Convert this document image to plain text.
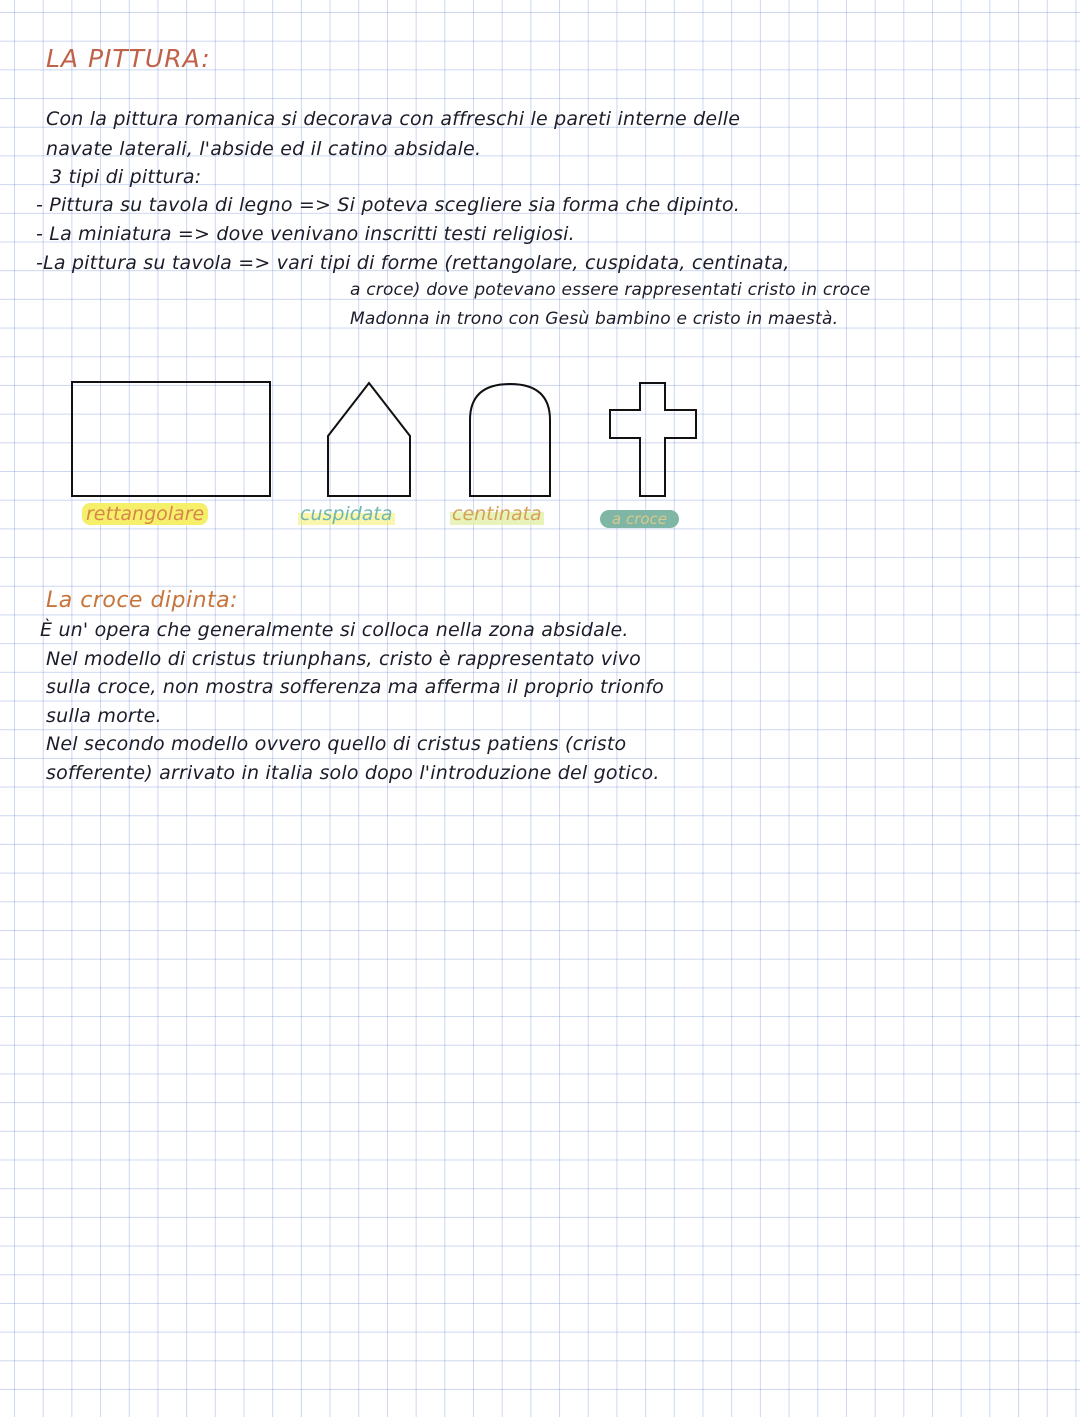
LA PITTURA:
Con la pittura romanica si decorava con affreschi le pareti interne delle
navate laterali, l'abside ed il catino absidale.
3 tipi di pittura:
- Pittura su tavola di legno => Si poteva scegliere sia forma che dipinto.
- La miniatura => dove venivano inscritti testi religiosi.
-La pittura su tavola => vari tipi di forme (rettangolare, cuspidata, centinata,
a croce) dove potevano essere rappresentati cristo in croce
Madonna in trono con Gesù bambino e cristo in maestà.
rettangolare	cuspidata	centinata	a croce
La croce dipinta:
È un' opera che generalmente si colloca nella zona absidale.
Nel modello di cristus triunphans, cristo è rappresentato vivo
sulla croce, non mostra sofferenza ma afferma il proprio trionfo
sulla morte.
Nel secondo modello ovvero quello di cristus patiens (cristo
sofferente) arrivato in italia solo dopo l'introduzione del gotico.
